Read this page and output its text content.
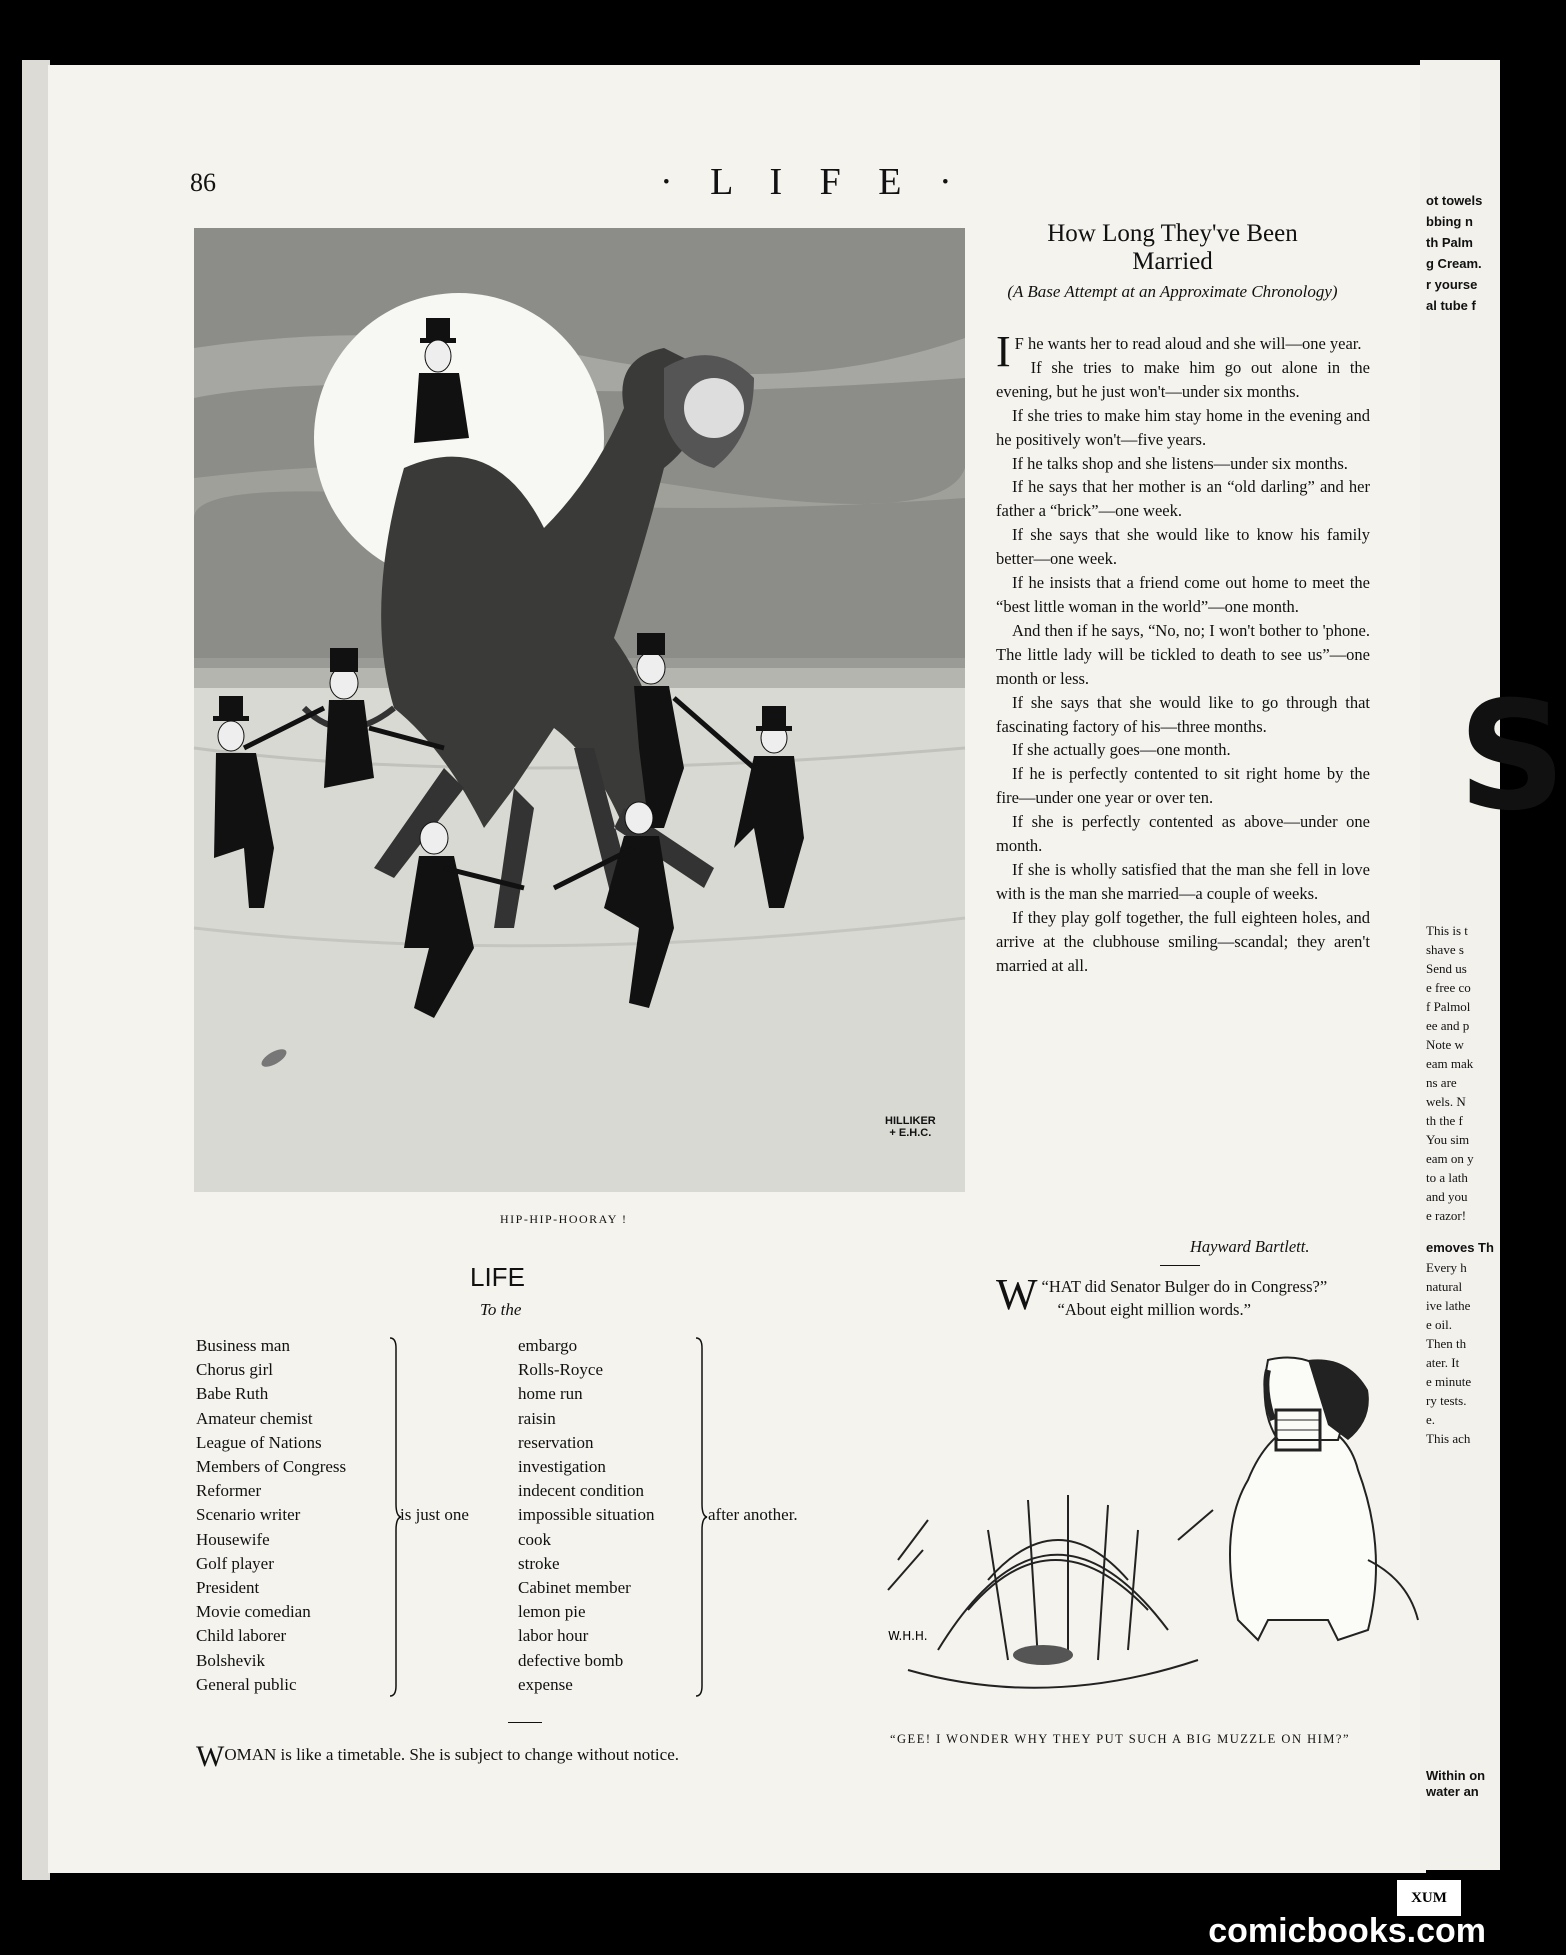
ot towels
bbing n
th Palm
g Cream.
r yourse
al tube f
This is t
shave s
Send us
e free co
f Palmol
ee and p
Note w
eam mak
ns are
wels. N
th the f
You sim
eam on y
to a lath
and you
e razor!
emoves Th
Every h
natural
ive lathe
e oil.
Then th
ater. It
e minute
ry tests.
e.
This ach
Within on
water an
S
86	· L I F E ·
HILLIKER
+ E.H.C.
HIP-HIP-HOORAY !
How Long They've Been
Married
(A Base Attempt at an Approximate Chronology)

I F he wants her to read aloud and she will—one year.

If she tries to make him go out alone in the evening, but he just won't—under six months.

If she tries to make him stay home in the evening and he positively won't—five years.

If he talks shop and she listens—under six months.

If he says that her mother is an “old darling” and her father a “brick”—one week.

If she says that she would like to know his family better—one week.

If he insists that a friend come out home to meet the “best little woman in the world”—one month.

And then if he says, “No, no; I won't bother to 'phone. The little lady will be tickled to death to see us”—one month or less.

If she says that she would like to go through that fascinating factory of his—three months.

If she actually goes—one month.

If he is perfectly contented to sit right home by the fire—under one year or over ten.

If she is perfectly contented as above—under one month.

If she is wholly satisfied that the man she fell in love with is the man she married—a couple of weeks.

If they play golf together, the full eighteen holes, and arrive at the clubhouse smiling—scandal; they aren't married at all.

Hayward Bartlett.

W “HAT did Senator Bulger do in Congress?”

“About eight million words.”

W.H.H.
“GEE! I WONDER WHY THEY PUT SUCH A BIG MUZZLE ON HIM?”
LIFE
To the
Business man
Chorus girl
Babe Ruth
Amateur chemist
League of Nations
Members of Congress
Reformer
Scenario writer
Housewife
Golf player
President
Movie comedian
Child laborer
Bolshevik
General public
is just one
embargo
Rolls-Royce
home run
raisin
reservation
investigation
indecent condition
impossible situation
cook
stroke
Cabinet member
lemon pie
labor hour
defective bomb
expense
after another.
WOMAN is like a timetable. She is subject to change without notice.
XUM
comicbooks.com
